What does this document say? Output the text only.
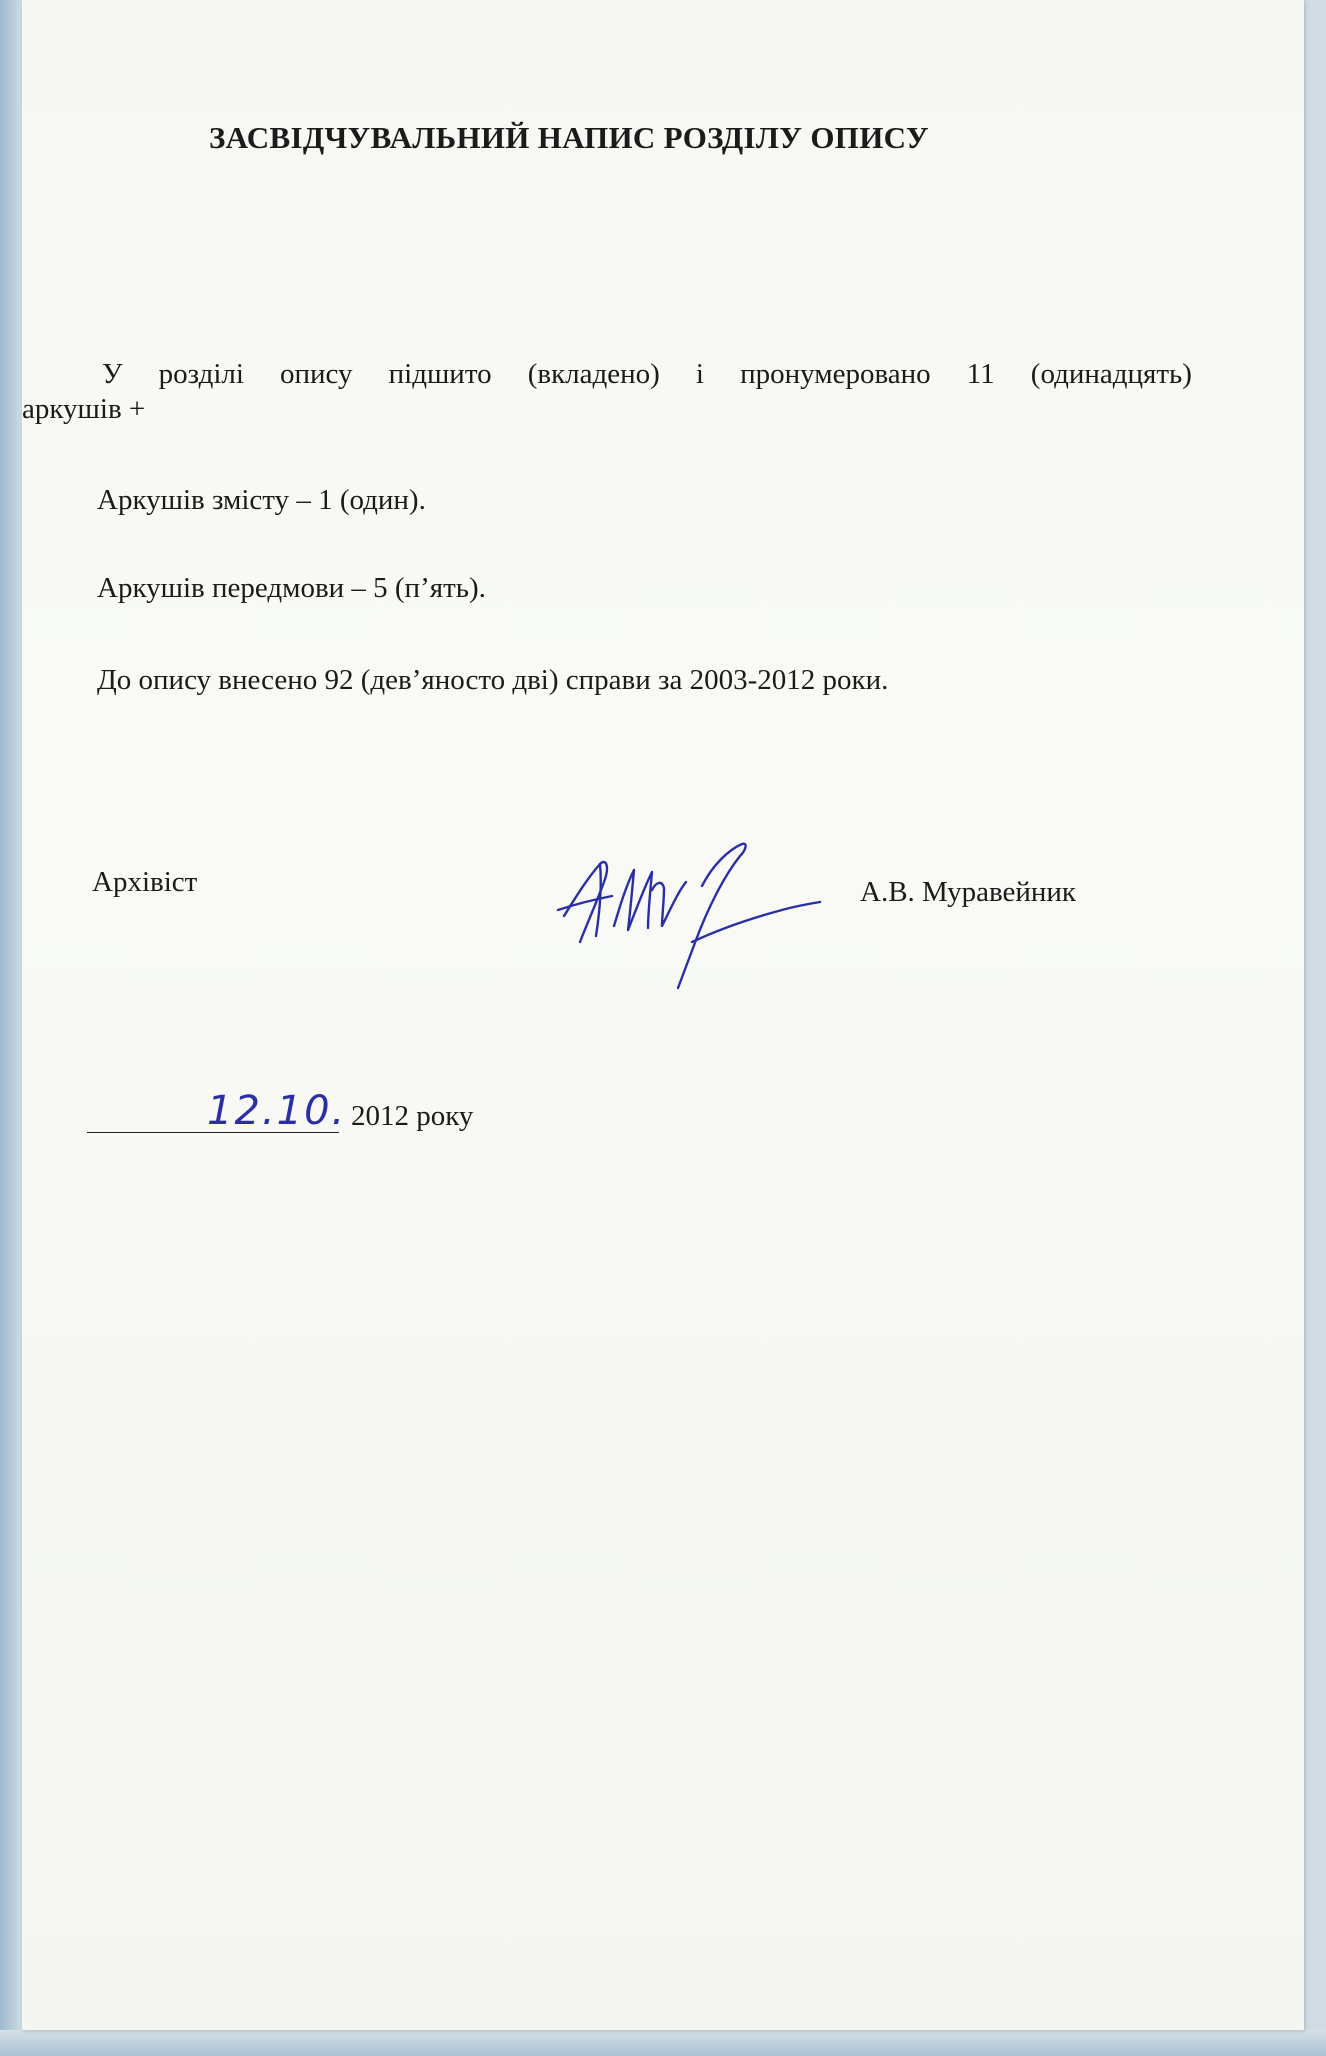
ЗАСВІДЧУВАЛЬНИЙ НАПИС РОЗДІЛУ ОПИСУ
У розділі опису підшито (вкладено) і пронумеровано 11 (одинадцять)

аркушів +

Аркушів змісту – 1 (один).

Аркушів передмови – 5 (п’ять).

До опису внесено 92 (дев’яносто дві) справи за 2003-2012 роки.

Архівіст	А.В. Муравейник
12.10. 2012 року
